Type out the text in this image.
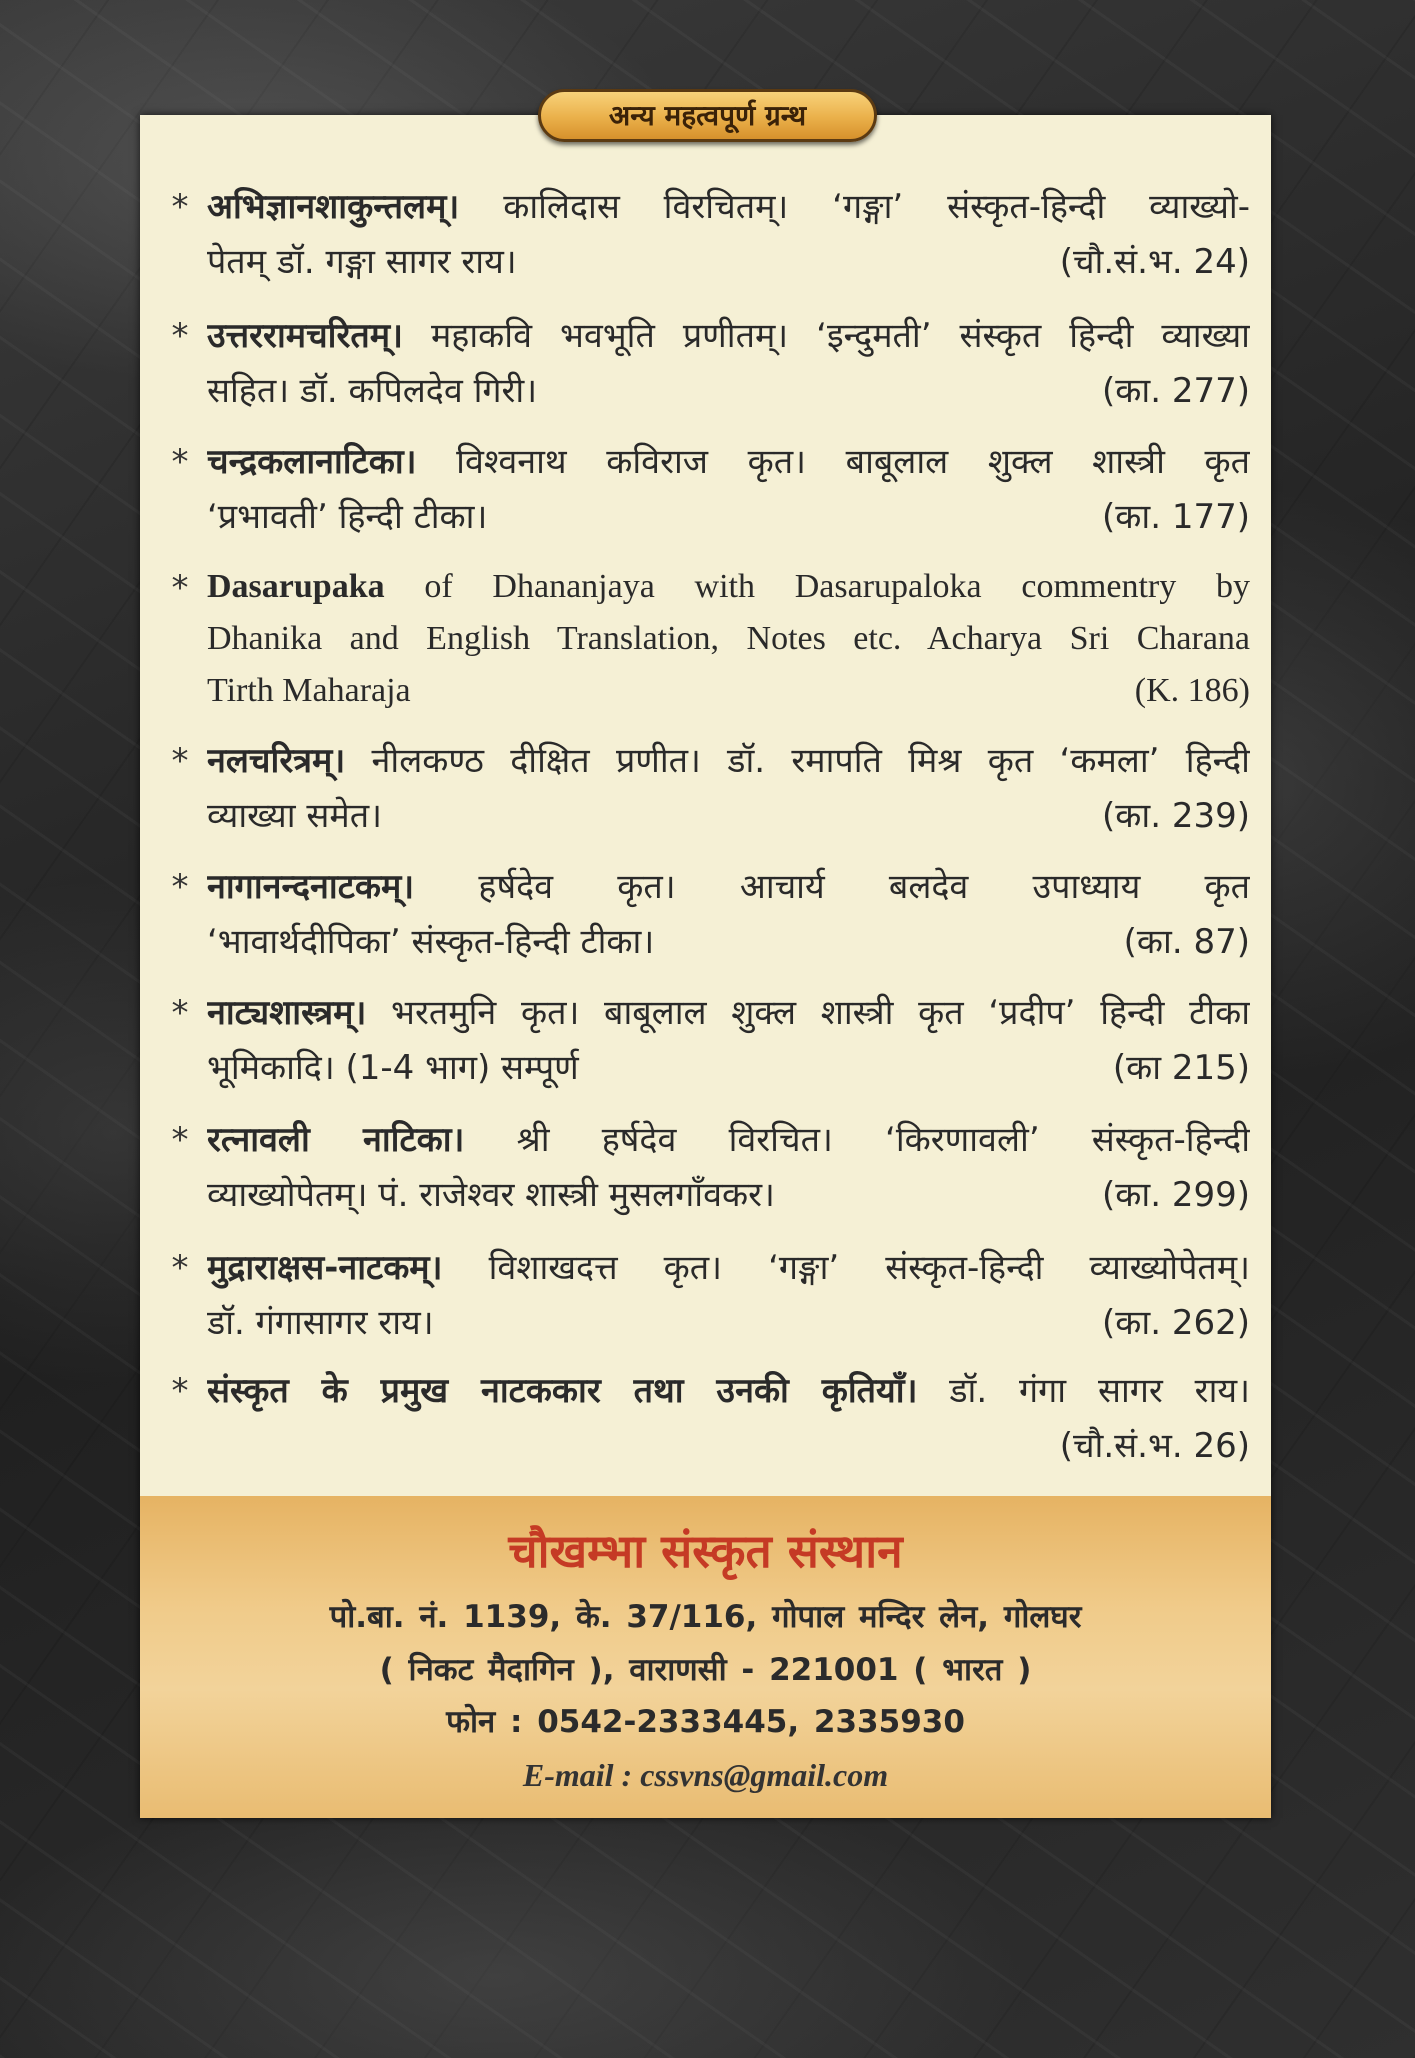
अन्य महत्वपूर्ण ग्रन्थ
* अभिज्ञानशाकुन्तलम्। कालिदास विरचितम्। ‘गङ्गा’ संस्कृत-हिन्दी व्याख्यो-
पेतम् डॉ. गङ्गा सागर राय।	(चौ.सं.भ. 24)
* उत्तररामचरितम्। महाकवि भवभूति प्रणीतम्। ‘इन्दुमती’ संस्कृत हिन्दी व्याख्या
सहित। डॉ. कपिलदेव गिरी।	(का. 277)
* चन्द्रकलानाटिका। विश्वनाथ कविराज कृत। बाबूलाल शुक्ल शास्त्री कृत
‘प्रभावती’ हिन्दी टीका।	(का. 177)
* Dasarupaka of Dhananjaya with Dasarupaloka commentry by
Dhanika and English Translation, Notes etc. Acharya Sri Charana
Tirth Maharaja	(K. 186)
* नलचरित्रम्। नीलकण्ठ दीक्षित प्रणीत। डॉ. रमापति मिश्र कृत ‘कमला’ हिन्दी
व्याख्या समेत।	(का. 239)
* नागानन्दनाटकम्। हर्षदेव कृत। आचार्य बलदेव उपाध्याय कृत
‘भावार्थदीपिका’ संस्कृत-हिन्दी टीका।	(का. 87)
* नाट्यशास्त्रम्। भरतमुनि कृत। बाबूलाल शुक्ल शास्त्री कृत ‘प्रदीप’ हिन्दी टीका
भूमिकादि। (1-4 भाग) सम्पूर्ण	(का 215)
* रत्नावली नाटिका। श्री हर्षदेव विरचित। ‘किरणावली’ संस्कृत-हिन्दी
व्याख्योपेतम्। पं. राजेश्वर शास्त्री मुसलगाँवकर।	(का. 299)
* मुद्राराक्षस-नाटकम्। विशाखदत्त कृत। ‘गङ्गा’ संस्कृत-हिन्दी व्याख्योपेतम्।
डॉ. गंगासागर राय।	(का. 262)
* संस्कृत के प्रमुख नाटककार तथा उनकी कृतियाँ। डॉ. गंगा सागर राय।
(चौ.सं.भ. 26)
चौखम्भा संस्कृत संस्थान
पो.बा. नं. 1139, के. 37/116, गोपाल मन्दिर लेन, गोलघर
( निकट मैदागिन ), वाराणसी - 221001 ( भारत )
फोन : 0542-2333445, 2335930
E-mail : cssvns@gmail.com
